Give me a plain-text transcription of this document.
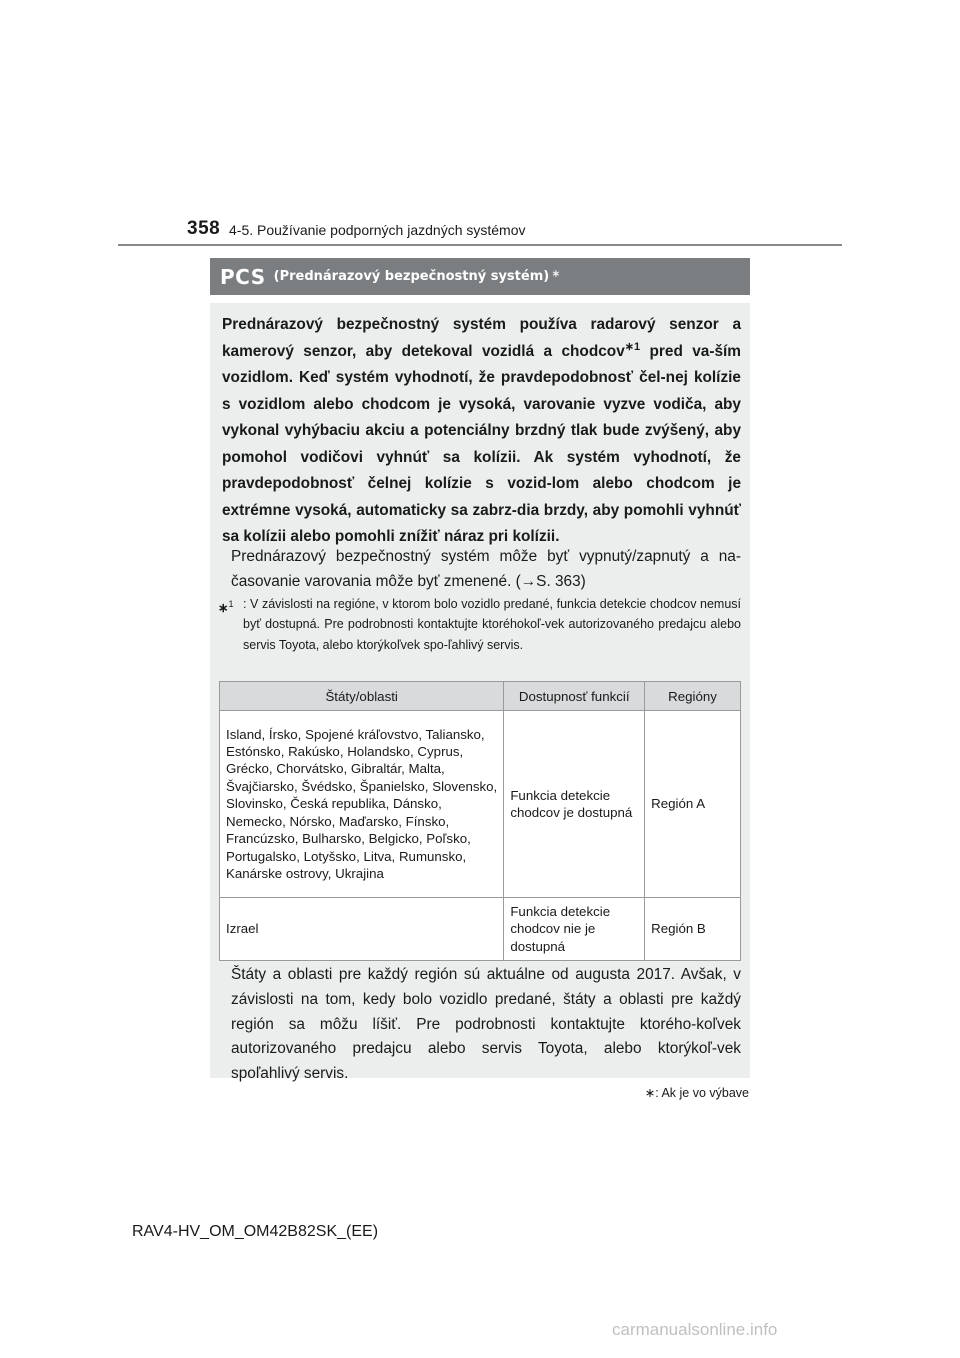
358 4-5. Používanie podporných jazdných systémov
PCS (Prednárazový bezpečnostný systém) ∗

Prednárazový bezpečnostný systém používa radarový senzor a kamerový senzor, aby detekoval vozidlá a chodcov$^{∗1}$ pred va-ším vozidlom. Keď systém vyhodnotí, že pravdepodobnosť čel-nej kolízie s vozidlom alebo chodcom je vysoká, varovanie vyzve vodiča, aby vykonal vyhýbaciu akciu a potenciálny brzdný tlak bude zvýšený, aby pomohol vodičovi vyhnúť sa kolízii. Ak systém vyhodnotí, že pravdepodobnosť čelnej kolízie s vozid-lom alebo chodcom je extrémne vysoká, automaticky sa zabrz-dia brzdy, aby pomohli vyhnúť sa kolízii alebo pomohli znížiť náraz pri kolízii.

Prednárazový bezpečnostný systém môže byť vypnutý/zapnutý a na-časovanie varovania môže byť zmenené. (→S. 363)

∗$^1$ : V závislosti na regióne, v ktorom bolo vozidlo predané, funkcia detekcie chodcov nemusí byť dostupná. Pre podrobnosti kontaktujte ktoréhokoľ-vek autorizovaného predajcu alebo servis Toyota, alebo ktorýkoľvek spo-ľahlivý servis.
Štáty/oblasti	Dostupnosť funkcií	Regióny
Island, Írsko, Spojené kráľovstvo, Taliansko, Estónsko, Rakúsko, Holandsko, Cyprus, Grécko, Chorvátsko, Gibraltár, Malta, Švajčiarsko, Švédsko, Španielsko, Slovensko, Slovinsko, Česká republika, Dánsko, Nemecko, Nórsko, Maďarsko, Fínsko, Francúzsko, Bulharsko, Belgicko, Poľsko, Portugalsko, Lotyšsko, Litva, Rumunsko, Kanárske ostrovy, Ukrajina	Funkcia detekcie chodcov je dostupná	Región A
Izrael	Funkcia detekcie chodcov nie je dostupná	Región B

Štáty a oblasti pre každý región sú aktuálne od augusta 2017. Avšak, v závislosti na tom, kedy bolo vozidlo predané, štáty a oblasti pre každý región sa môžu líšiť. Pre podrobnosti kontaktujte ktorého-koľvek autorizovaného predajcu alebo servis Toyota, alebo ktorýkoľ-vek spoľahlivý servis.

∗: Ak je vo výbave
RAV4-HV_OM_OM42B82SK_(EE)
carmanualsonline.info
